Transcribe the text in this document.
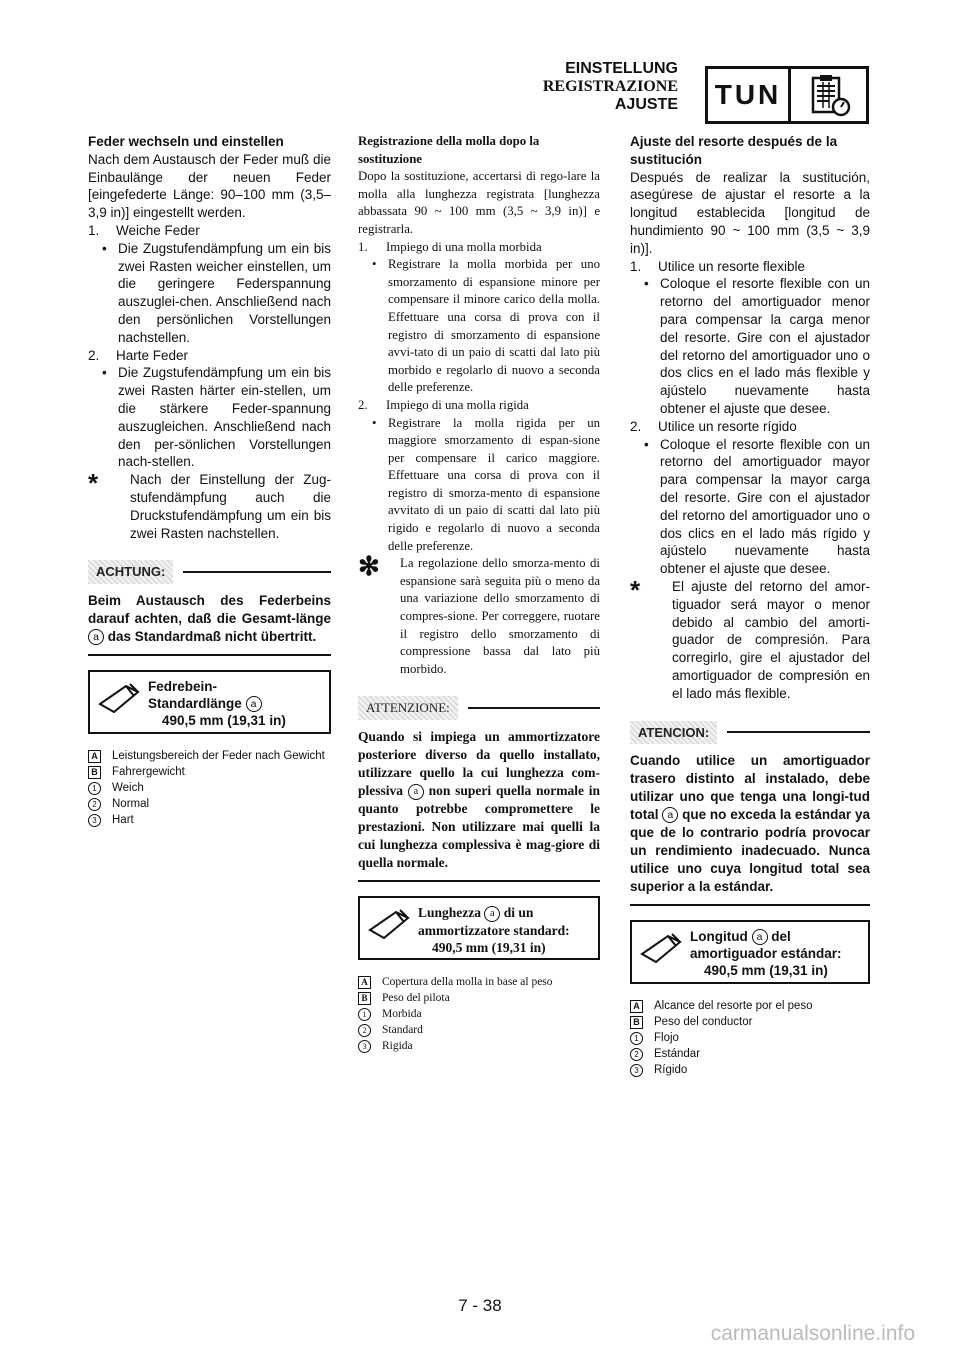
EINSTELLUNG
REGISTRAZIONE
AJUSTE TUN

Feder wechseln und einstellen

Nach dem Austausch der Feder muß die Einbaulänge der neuen Feder [eingefederte Länge: 90–100 mm (3,5–3,9 in)] eingestellt werden.

1.	Weiche Feder
• Die Zugstufendämpfung um ein bis zwei Rasten weicher einstellen, um die geringere Federspannung auszuglei-chen. Anschließend nach den persönlichen Vorstellungen nachstellen.
2.	Harte Feder
• Die Zugstufendämpfung um ein bis zwei Rasten härter ein-stellen, um die stärkere Feder-spannung auszugleichen. Anschließend nach den per-sönlichen Vorstellungen nach-stellen.
*	Nach der Einstellung der Zug-stufendämpfung auch die Druckstufendämpfung um ein bis zwei Rasten nachstellen.
ACHTUNG:
Beim Austausch des Federbeins darauf achten, daß die Gesamt-länge a das Standardmaß nicht übertritt.
Fedrebein-
Standardlänge a
490,5 mm (19,31 in)
A	Leistungsbereich der Feder nach Gewicht
B	Fahrergewicht
1	Weich
2	Normal
3	Hart

Registrazione della molla dopo la sostituzione

Dopo la sostituzione, accertarsi di rego-lare la molla alla lunghezza registrata [lunghezza abbassata 90 ~ 100 mm (3,5 ~ 3,9 in)] e registrarla.

1.	Impiego di una molla morbida
• Registrare la molla morbida per uno smorzamento di espansione minore per compensare il minore carico della molla. Effettuare una corsa di prova con il registro di smorzamento di espansione avvi-tato di un paio di scatti dal lato più morbido e regolarlo di nuovo a seconda delle preferenze.
2.	Impiego di una molla rigida
• Registrare la molla rigida per un maggiore smorzamento di espan-sione per compensare il carico maggiore. Effettuare una corsa di prova con il registro di smorza-mento di espansione avvitato di un paio di scatti dal lato più rigido e regolarlo di nuovo a seconda delle preferenze.
✻	La regolazione dello smorza-mento di espansione sarà seguita più o meno da una variazione dello smorzamento di compres-sione. Per correggere, ruotare il registro dello smorzamento di compressione bassa dal lato più morbido.
ATTENZIONE:
Quando si impiega un ammortizzatore posteriore diverso da quello installato, utilizzare quello la cui lunghezza com-plessiva a non superi quella normale in quanto potrebbe compromettere le prestazioni. Non utilizzare mai quelli la cui lunghezza complessiva è mag-giore di quella normale.
Lunghezza a di un
ammortizzatore standard:
490,5 mm (19,31 in)
A	Copertura della molla in base al peso
B	Peso del pilota
1	Morbida
2	Standard
3	Rigida

Ajuste del resorte después de la sustitución

Después de realizar la sustitución, asegúrese de ajustar el resorte a la longitud establecida [longitud de hundimiento 90 ~ 100 mm (3,5 ~ 3,9 in)].

1.	Utilice un resorte flexible
• Coloque el resorte flexible con un retorno del amortiguador menor para compensar la carga menor del resorte. Gire con el ajustador del retorno del amortiguador uno o dos clics en el lado más flexible y ajústelo nuevamente hasta obtener el ajuste que desee.
2.	Utilice un resorte rígido
• Coloque el resorte flexible con un retorno del amortiguador mayor para compensar la mayor carga del resorte. Gire con el ajustador del retorno del amortiguador uno o dos clics en el lado más rígido y ajústelo nuevamente hasta obtener el ajuste que desee.
*	El ajuste del retorno del amor-tiguador será mayor o menor debido al cambio del amorti-guador de compresión. Para corregirlo, gire el ajustador del amortiguador de compresión en el lado más flexible.
ATENCION:
Cuando utilice un amortiguador trasero distinto al instalado, debe utilizar uno que tenga una longi-tud total a que no exceda la estándar ya que de lo contrario podría provocar un rendimiento inadecuado. Nunca utilice uno cuya longitud total sea superior a la estándar.
Longitud a del
amortiguador estándar:
490,5 mm (19,31 in)
A	Alcance del resorte por el peso
B	Peso del conductor
1	Flojo
2	Estándar
3	Rígido
7 - 38
carmanualsonline.info
